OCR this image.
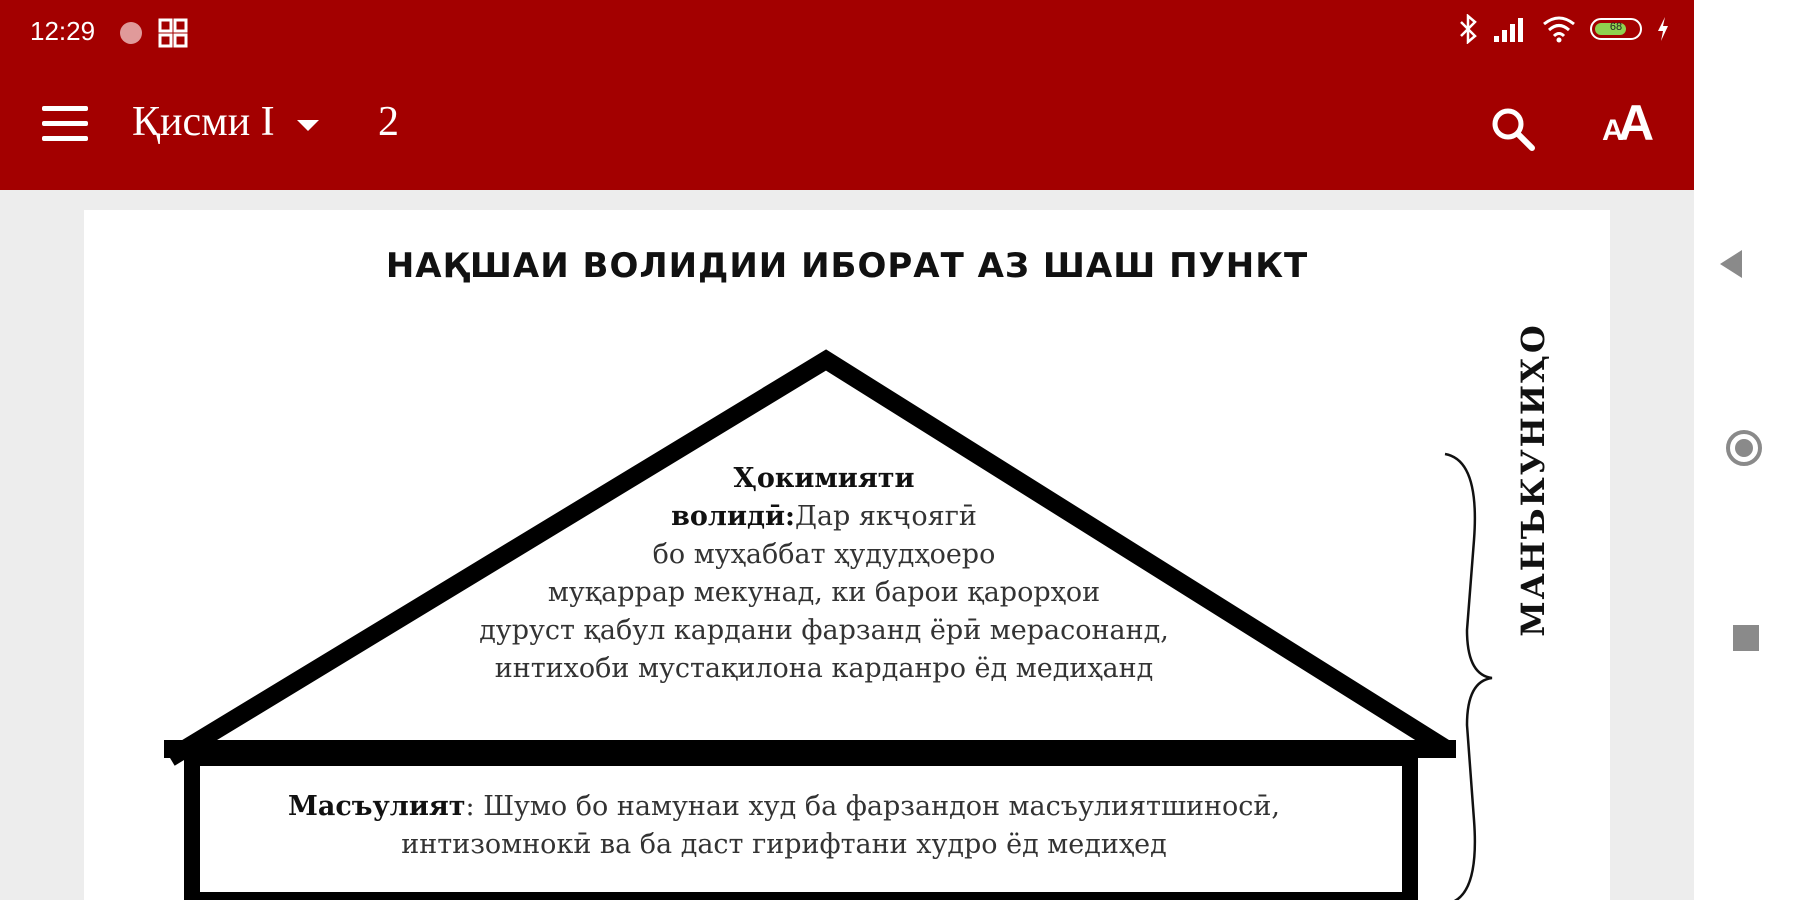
12:29	68
Қисми I 2	A
A
НАҚШАИ ВОЛИДИИ ИБОРАТ АЗ ШАШ ПУНКТ
Ҳокимияти
волидӣ:Дар якҷоягӣ
бо муҳаббат ҳудудҳоеро
муқаррар мекунад, ки барои қарорҳои
дуруст қабул кардани фарзанд ёрӣ мерасонанд,
интихоби мустақилона карданро ёд медиҳанд
Масъулият: Шумо бо намунаи худ ба фарзандон масъулиятшиносӣ,
интизомнокӣ ва ба даст гирифтани худро ёд медиҳед
МАНЪКУНИҲО
